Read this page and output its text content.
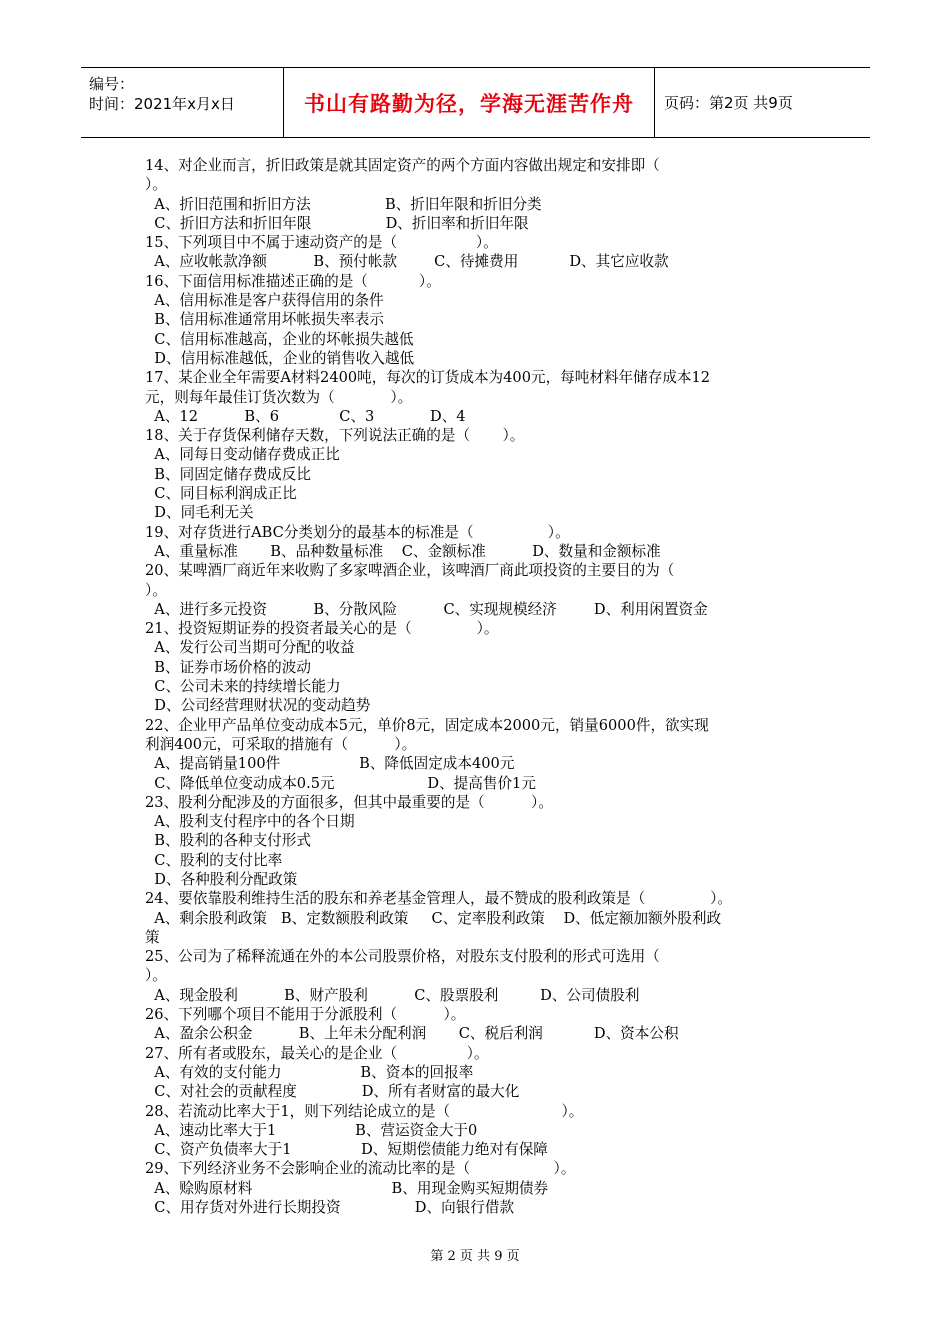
编号：
时间：2021年x月x日	书山有路勤为径，学海无涯苦作舟 页码：第2页 共9页
14、对企业而言，折旧政策是就其固定资产的两个方面内容做出规定和安排即（
）。
A、折旧范围和折旧方法                B、折旧年限和折旧分类
C、折旧方法和折旧年限                D、折旧率和折旧年限
15、下列项目中不属于速动资产的是（                 ）。
A、应收帐款净额          B、预付帐款        C、待摊费用           D、其它应收款
16、下面信用标准描述正确的是（           ）。
A、信用标准是客户获得信用的条件
B、信用标准通常用坏帐损失率表示
C、信用标准越高，企业的坏帐损失越低
D、信用标准越低，企业的销售收入越低
17、某企业全年需要A材料2400吨，每次的订货成本为400元，每吨材料年储存成本12
元，则每年最佳订货次数为（            ）。
A、12          B、6             C、3            D、4
18、关于存货保利储存天数，下列说法正确的是（       ）。
A、同每日变动储存费成正比
B、同固定储存费成反比
C、同目标利润成正比
D、同毛利无关
19、对存货进行ABC分类划分的最基本的标准是（                ）。
A、重量标准       B、品种数量标准    C、金额标准          D、数量和金额标准
20、某啤酒厂商近年来收购了多家啤酒企业，该啤酒厂商此项投资的主要目的为（
）。
A、进行多元投资          B、分散风险          C、实现规模经济        D、利用闲置资金
21、投资短期证券的投资者最关心的是（              ）。
A、发行公司当期可分配的收益
B、证券市场价格的波动
C、公司未来的持续增长能力
D、公司经营理财状况的变动趋势
22、企业甲产品单位变动成本5元，单价8元，固定成本2000元，销量6000件，欲实现
利润400元，可采取的措施有（          ）。
A、提高销量100件                 B、降低固定成本400元
C、降低单位变动成本0.5元                    D、提高售价1元
23、股利分配涉及的方面很多，但其中最重要的是（          ）。
A、股利支付程序中的各个日期
B、股利的各种支付形式
C、股利的支付比率
D、各种股利分配政策
24、要依靠股利维持生活的股东和养老基金管理人，最不赞成的股利政策是（              ）。
A、剩余股利政策   B、定数额股利政策     C、定率股利政策    D、低定额加额外股利政
策
25、公司为了稀释流通在外的本公司股票价格，对股东支付股利的形式可选用（
）。
A、现金股利          B、财产股利          C、股票股利         D、公司债股利
26、下列哪个项目不能用于分派股利（          ）。
A、盈余公积金          B、上年未分配利润       C、税后利润           D、资本公积
27、所有者或股东，最关心的是企业（               ）。
A、有效的支付能力                 B、资本的回报率
C、对社会的贡献程度              D、所有者财富的最大化
28、若流动比率大于1，则下列结论成立的是（                        ）。
A、速动比率大于1                 B、营运资金大于0
C、资产负债率大于1               D、短期偿债能力绝对有保障
29、下列经济业务不会影响企业的流动比率的是（                  ）。
A、赊购原材料                              B、用现金购买短期债券
C、用存货对外进行长期投资                D、向银行借款
第 2 页 共 9 页
